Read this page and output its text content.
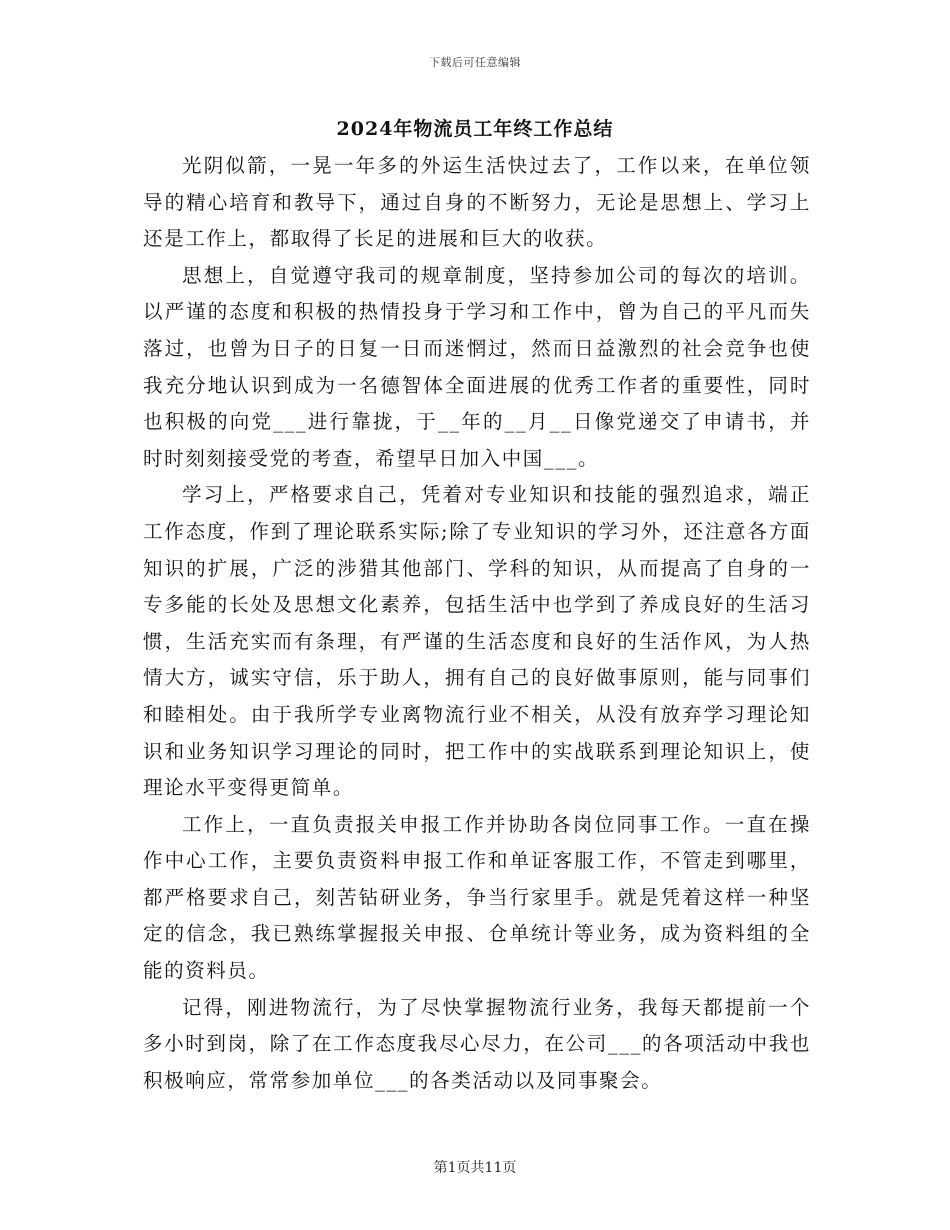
下载后可任意编辑
2024年物流员工年终工作总结

光阴似箭，一晃一年多的外运生活快过去了，工作以来，在单位领导的精心培育和教导下，通过自身的不断努力，无论是思想上、学习上还是工作上，都取得了长足的进展和巨大的收获。

思想上，自觉遵守我司的规章制度，坚持参加公司的每次的培训。以严谨的态度和积极的热情投身于学习和工作中，曾为自己的平凡而失落过，也曾为日子的日复一日而迷惘过，然而日益激烈的社会竞争也使我充分地认识到成为一名德智体全面进展的优秀工作者的重要性，同时也积极的向党___进行靠拢，于__年的__月__日像党递交了申请书，并时时刻刻接受党的考查，希望早日加入中国___。

学习上，严格要求自己，凭着对专业知识和技能的强烈追求，端正工作态度，作到了理论联系实际;除了专业知识的学习外，还注意各方面知识的扩展，广泛的涉猎其他部门、学科的知识，从而提高了自身的一专多能的长处及思想文化素养，包括生活中也学到了养成良好的生活习惯，生活充实而有条理，有严谨的生活态度和良好的生活作风，为人热情大方，诚实守信，乐于助人，拥有自己的良好做事原则，能与同事们和睦相处。由于我所学专业离物流行业不相关，从没有放弃学习理论知识和业务知识学习理论的同时，把工作中的实战联系到理论知识上，使理论水平变得更简单。

工作上，一直负责报关申报工作并协助各岗位同事工作。一直在操作中心工作，主要负责资料申报工作和单证客服工作，不管走到哪里，都严格要求自己，刻苦钻研业务，争当行家里手。就是凭着这样一种坚定的信念，我已熟练掌握报关申报、仓单统计等业务，成为资料组的全能的资料员。

记得，刚进物流行，为了尽快掌握物流行业务，我每天都提前一个多小时到岗，除了在工作态度我尽心尽力，在公司___的各项活动中我也积极响应，常常参加单位___的各类活动以及同事聚会。

第1页共11页
